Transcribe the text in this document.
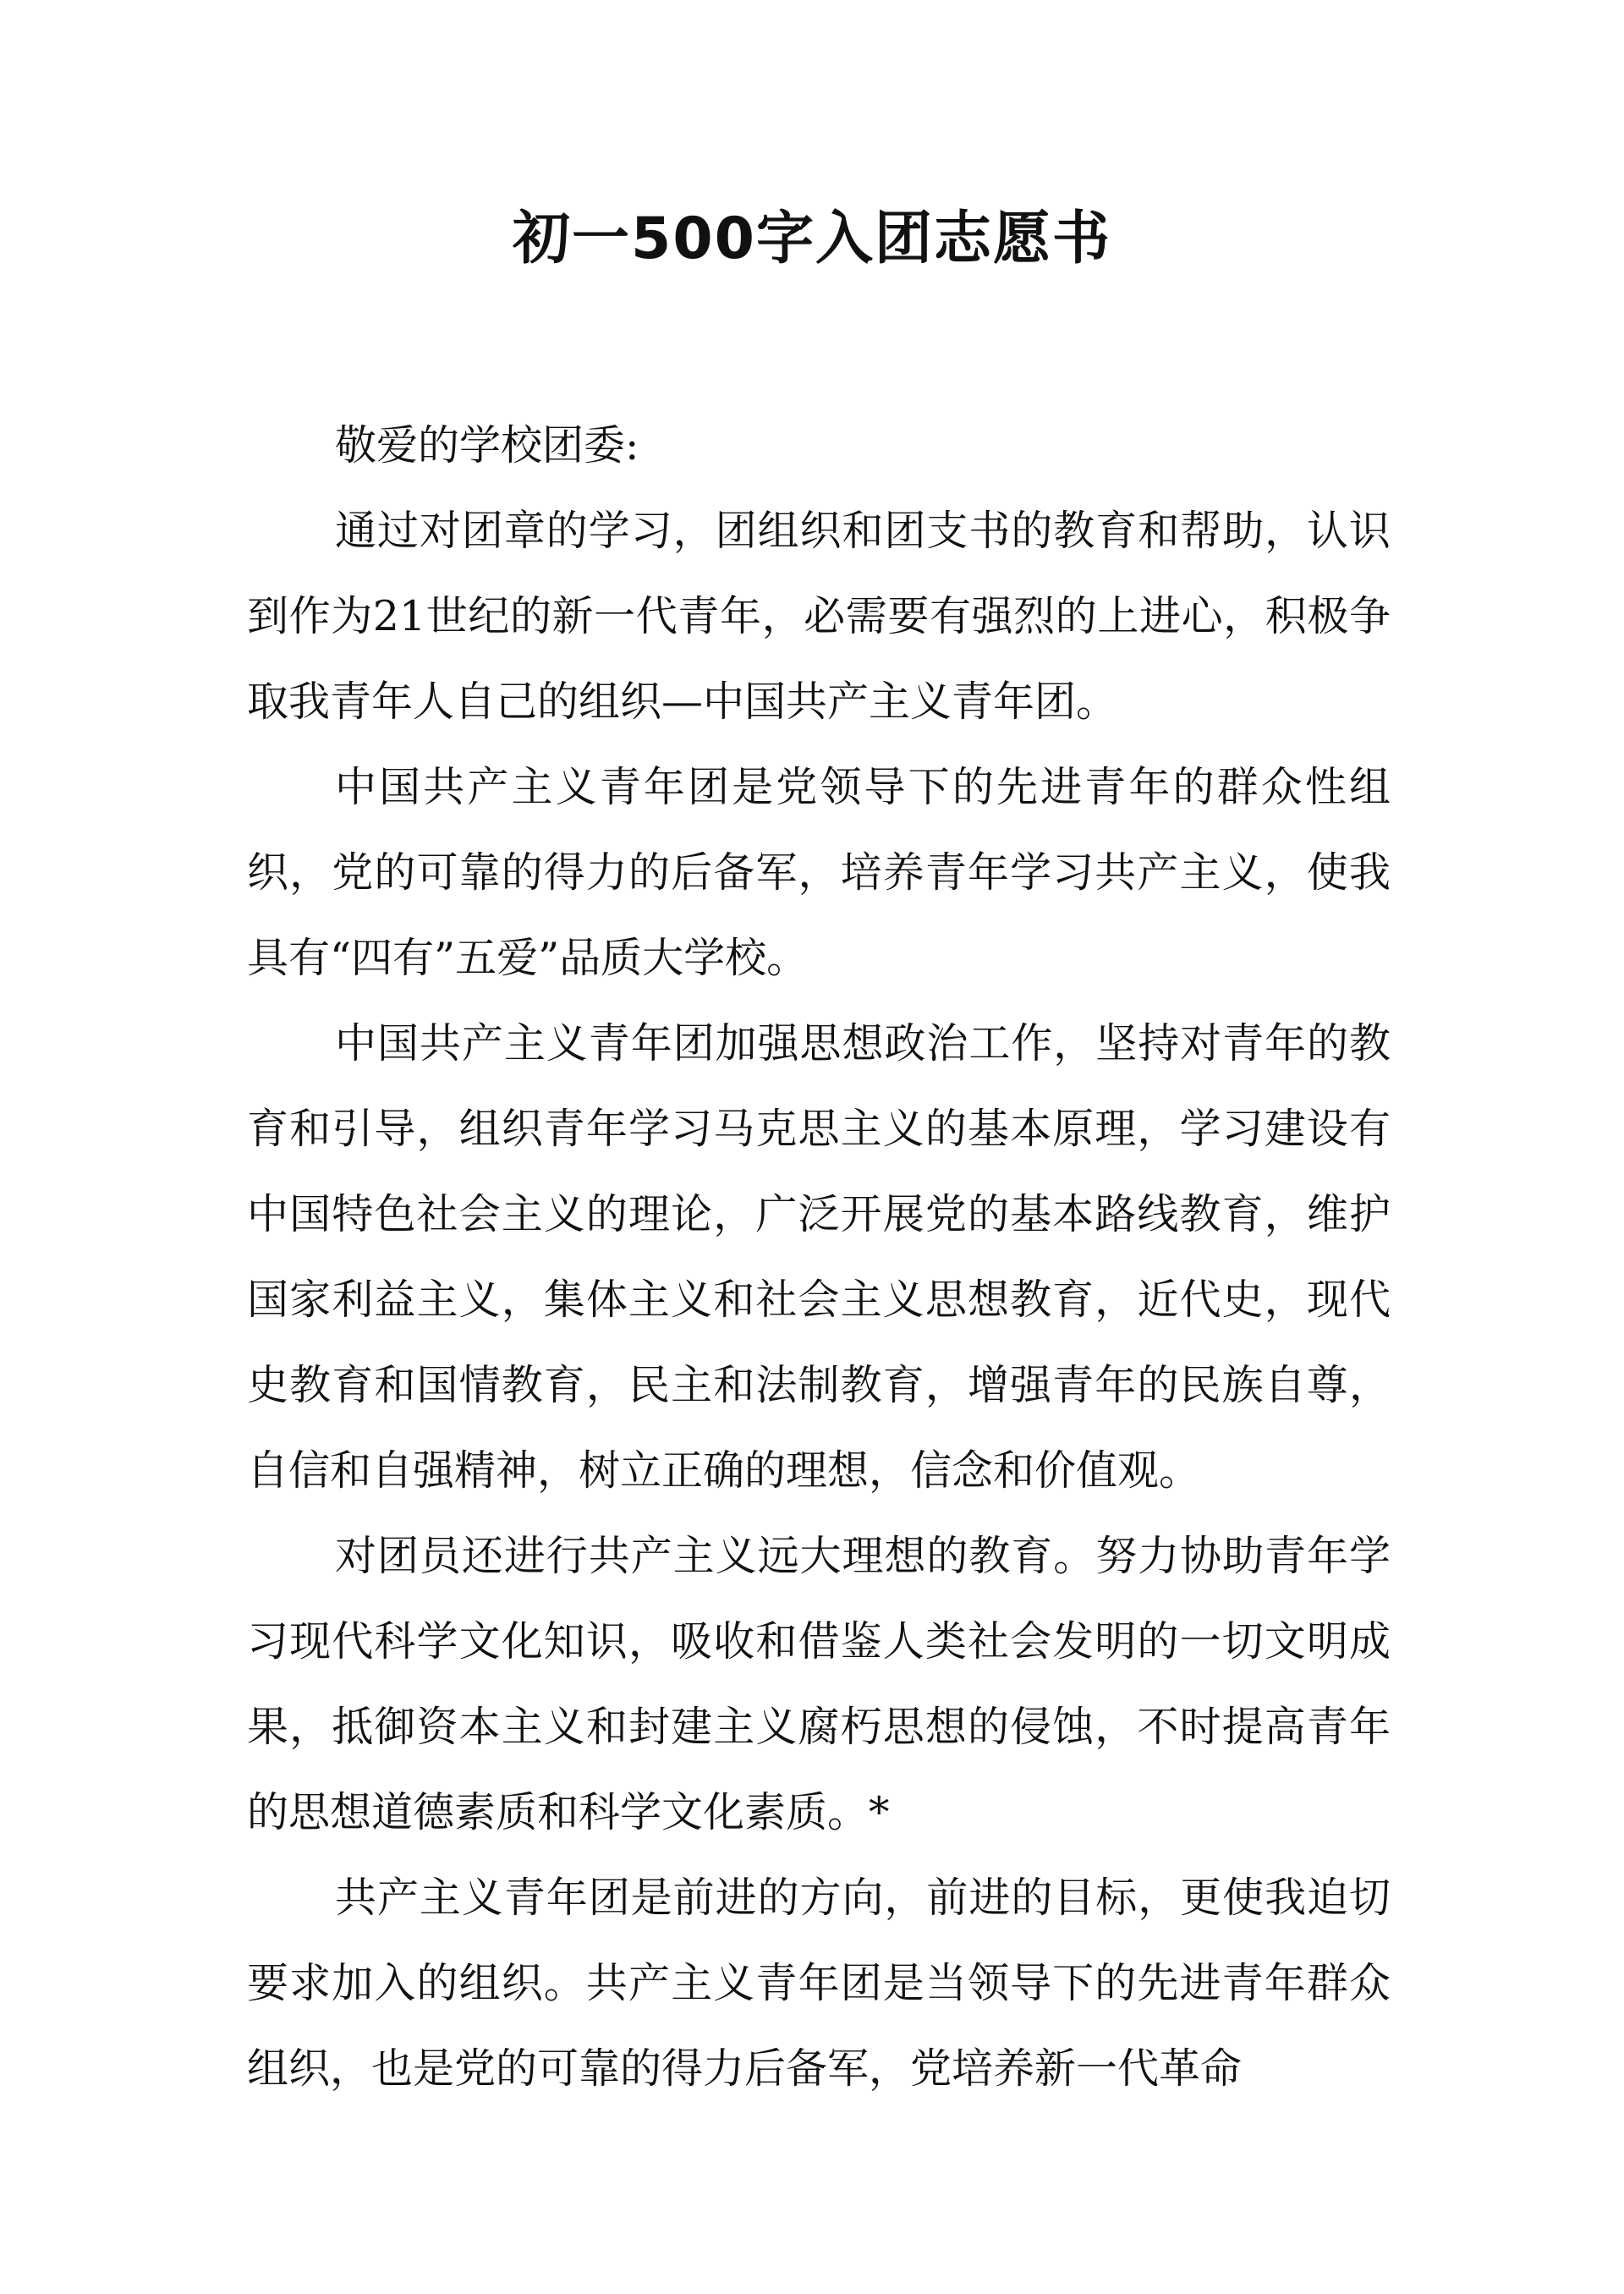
初一500字入团志愿书

敬爱的学校团委:

通过对团章的学习，团组织和团支书的教育和帮助，认识到作为21世纪的新一代青年，必需要有强烈的上进心，积极争取我青年人自己的组织—中国共产主义青年团。

中国共产主义青年团是党领导下的先进青年的群众性组织，党的可靠的得力的后备军，培养青年学习共产主义，使我具有“四有”五爱”品质大学校。

中国共产主义青年团加强思想政治工作，坚持对青年的教育和引导，组织青年学习马克思主义的基本原理，学习建设有中国特色社会主义的理论，广泛开展党的基本路线教育，维护国家利益主义，集体主义和社会主义思想教育，近代史，现代史教育和国情教育，民主和法制教育，增强青年的民族自尊，自信和自强精神，树立正确的理想，信念和价值观。

对团员还进行共产主义远大理想的教育。努力协助青年学习现代科学文化知识，吸收和借鉴人类社会发明的一切文明成果，抵御资本主义和封建主义腐朽思想的侵蚀，不时提高青年的思想道德素质和科学文化素质。*

共产主义青年团是前进的方向，前进的目标，更使我迫切要求加入的组织。共产主义青年团是当领导下的先进青年群众组织，也是党的可靠的得力后备军，党培养新一代革命
